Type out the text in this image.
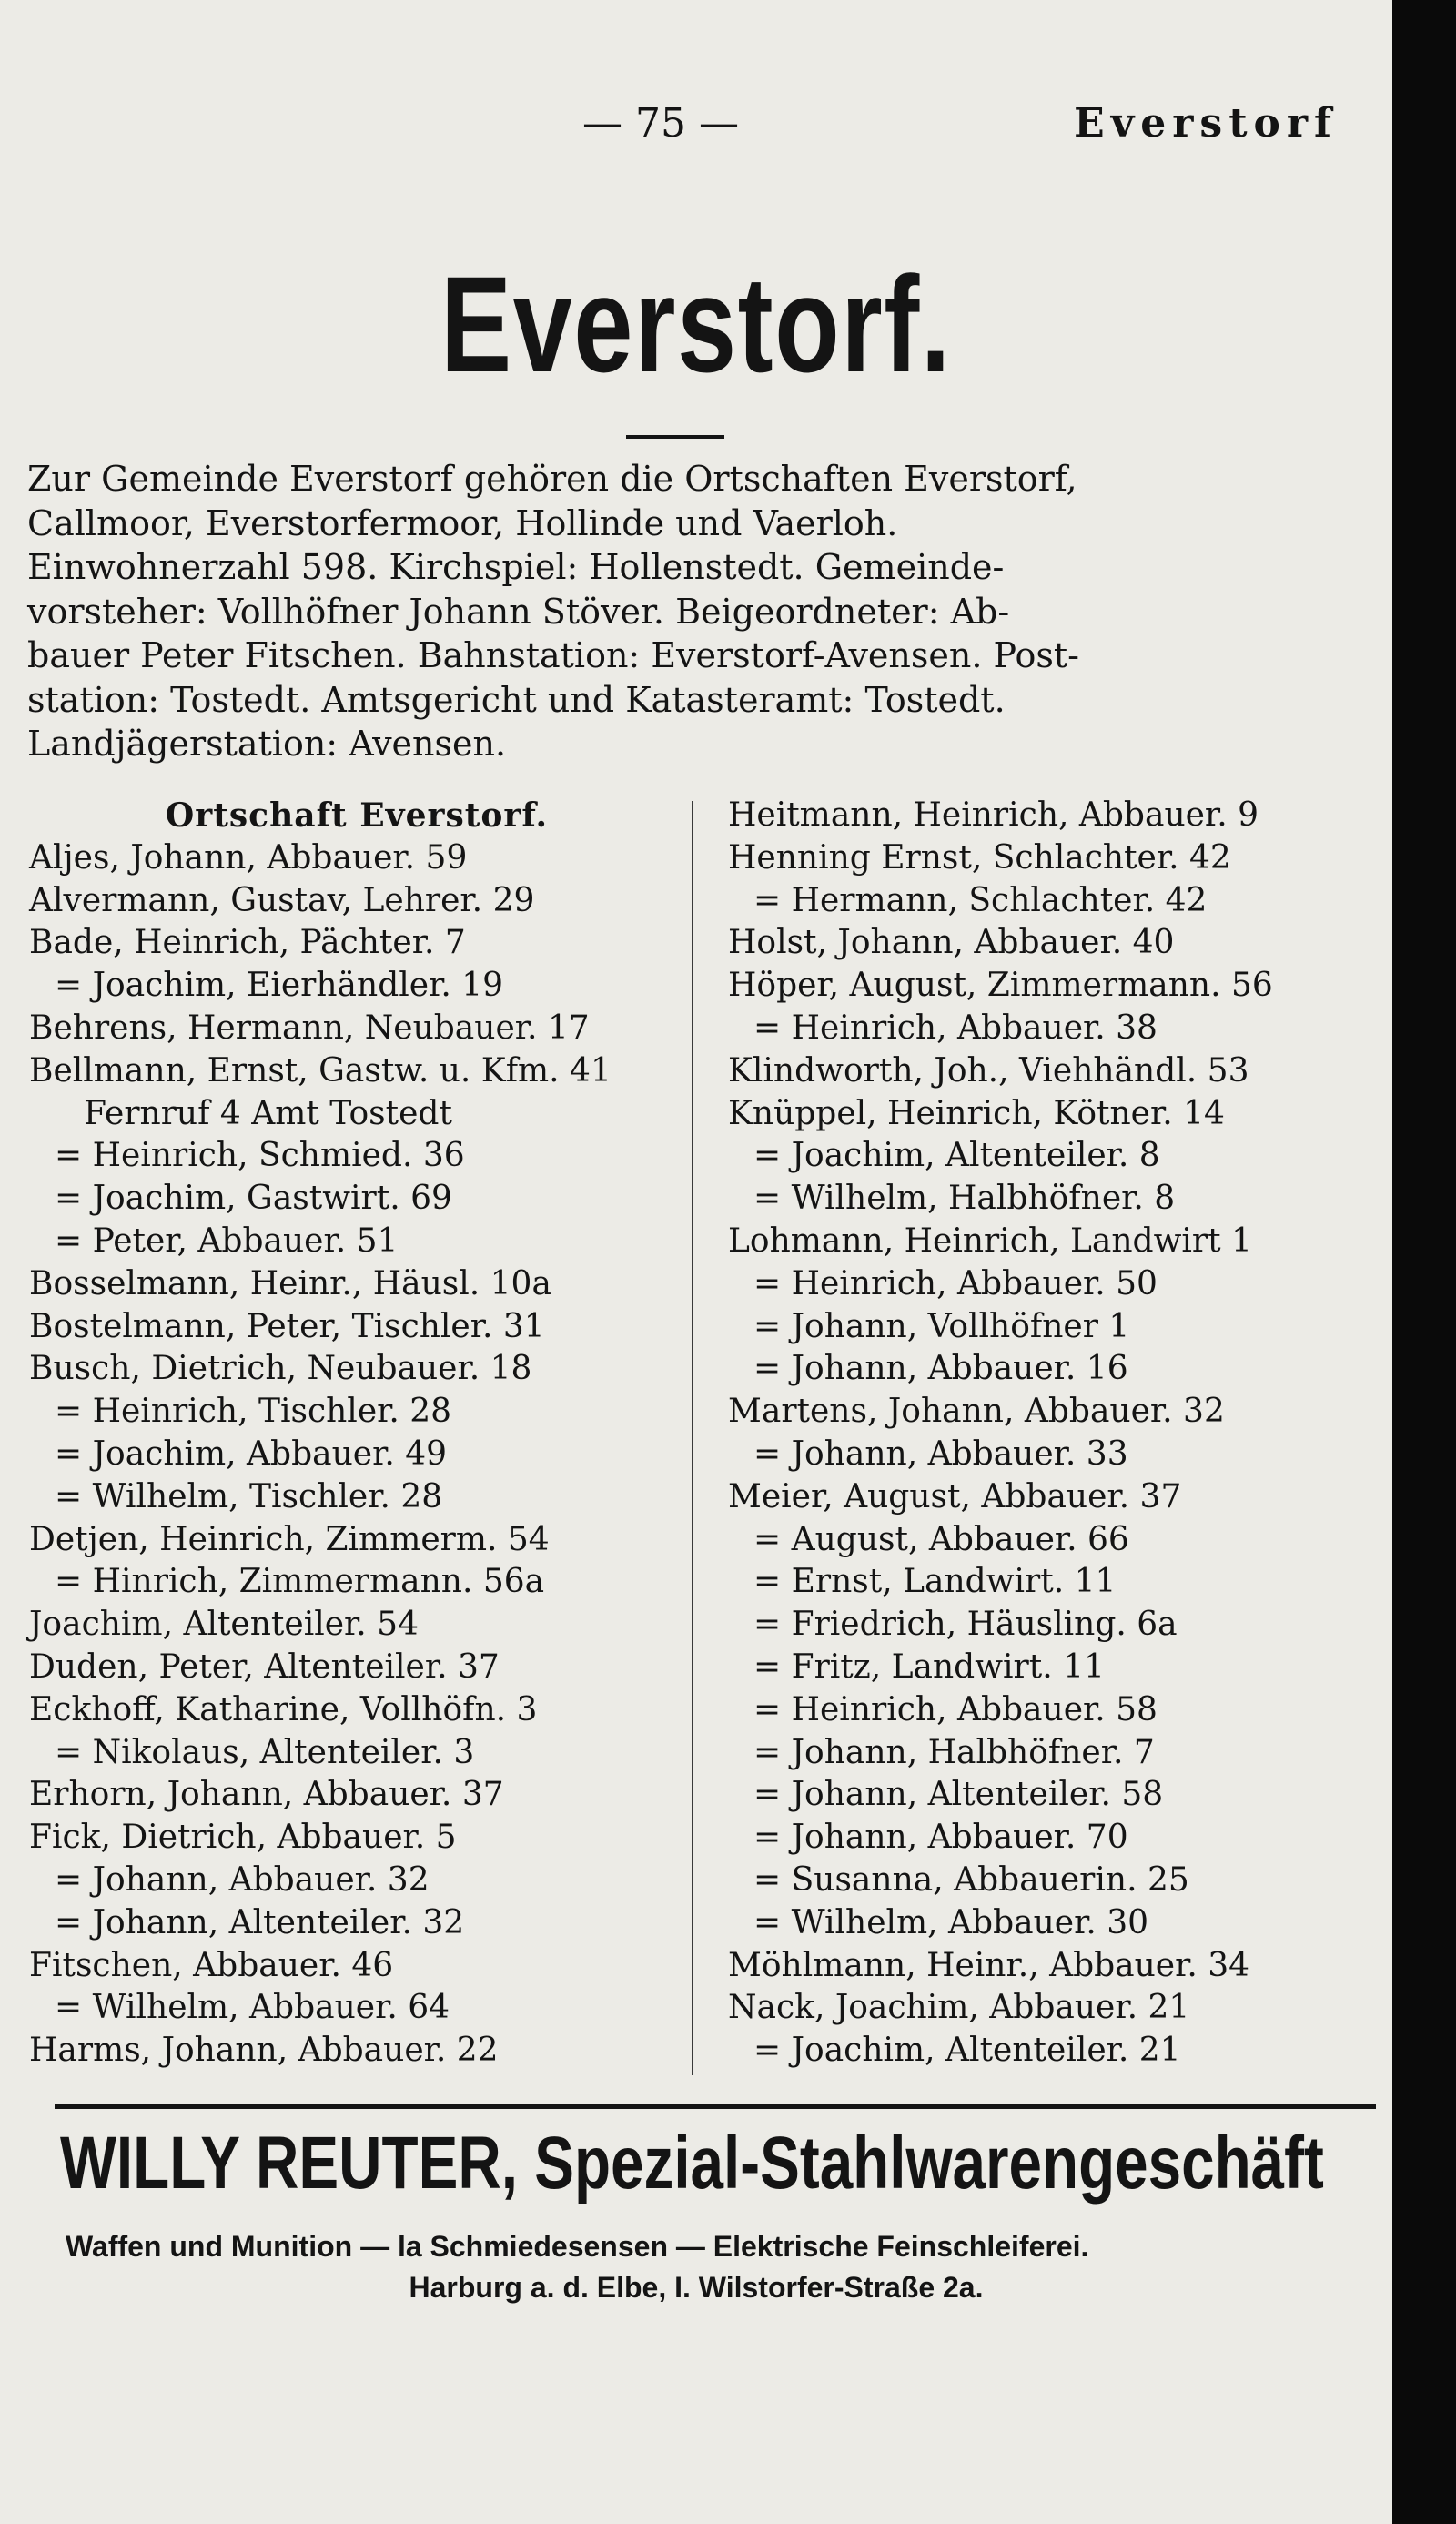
— 75 —	Everstorf
Everstorf.
Zur Gemeinde Everstorf gehören die Ortschaften Everstorf,
Callmoor, Everstorfermoor, Hollinde und Vaerloh.
Einwohnerzahl 598. Kirchspiel: Hollenstedt. Gemeinde-
vorsteher: Vollhöfner Johann Stöver. Beigeordneter: Ab-
bauer Peter Fitschen. Bahnstation: Everstorf-Avensen. Post-
station: Tostedt. Amtsgericht und Katasteramt: Tostedt.
Landjägerstation: Avensen.
Ortschaft Everstorf.
Aljes, Johann, Abbauer. 59
Alvermann, Gustav, Lehrer. 29
Bade, Heinrich, Pächter. 7
= Joachim, Eierhändler. 19
Behrens, Hermann, Neubauer. 17
Bellmann, Ernst, Gastw. u. Kfm. 41
Fernruf 4 Amt Tostedt
= Heinrich, Schmied. 36
= Joachim, Gastwirt. 69
= Peter, Abbauer. 51
Bosselmann, Heinr., Häusl. 10a
Bostelmann, Peter, Tischler. 31
Busch, Dietrich, Neubauer. 18
= Heinrich, Tischler. 28
= Joachim, Abbauer. 49
= Wilhelm, Tischler. 28
Detjen, Heinrich, Zimmerm. 54
= Hinrich, Zimmermann. 56a
Joachim, Altenteiler. 54
Duden, Peter, Altenteiler. 37
Eckhoff, Katharine, Vollhöfn. 3
= Nikolaus, Altenteiler. 3
Erhorn, Johann, Abbauer. 37
Fick, Dietrich, Abbauer. 5
= Johann, Abbauer. 32
= Johann, Altenteiler. 32
Fitschen, Abbauer. 46
= Wilhelm, Abbauer. 64
Harms, Johann, Abbauer. 22
Heitmann, Heinrich, Abbauer. 9
Henning Ernst, Schlachter. 42
= Hermann, Schlachter. 42
Holst, Johann, Abbauer. 40
Höper, August, Zimmermann. 56
= Heinrich, Abbauer. 38
Klindworth, Joh., Viehhändl. 53
Knüppel, Heinrich, Kötner. 14
= Joachim, Altenteiler. 8
= Wilhelm, Halbhöfner. 8
Lohmann, Heinrich, Landwirt 1
= Heinrich, Abbauer. 50
= Johann, Vollhöfner 1
= Johann, Abbauer. 16
Martens, Johann, Abbauer. 32
= Johann, Abbauer. 33
Meier, August, Abbauer. 37
= August, Abbauer. 66
= Ernst, Landwirt. 11
= Friedrich, Häusling. 6a
= Fritz, Landwirt. 11
= Heinrich, Abbauer. 58
= Johann, Halbhöfner. 7
= Johann, Altenteiler. 58
= Johann, Abbauer. 70
= Susanna, Abbauerin. 25
= Wilhelm, Abbauer. 30
Möhlmann, Heinr., Abbauer. 34
Nack, Joachim, Abbauer. 21
= Joachim, Altenteiler. 21
WILLY REUTER, Spezial-Stahlwarengeschäft
Waffen und Munition — la Schmiedesensen — Elektrische Feinschleiferei.
Harburg a. d. Elbe, I. Wilstorfer-Straße 2a.
